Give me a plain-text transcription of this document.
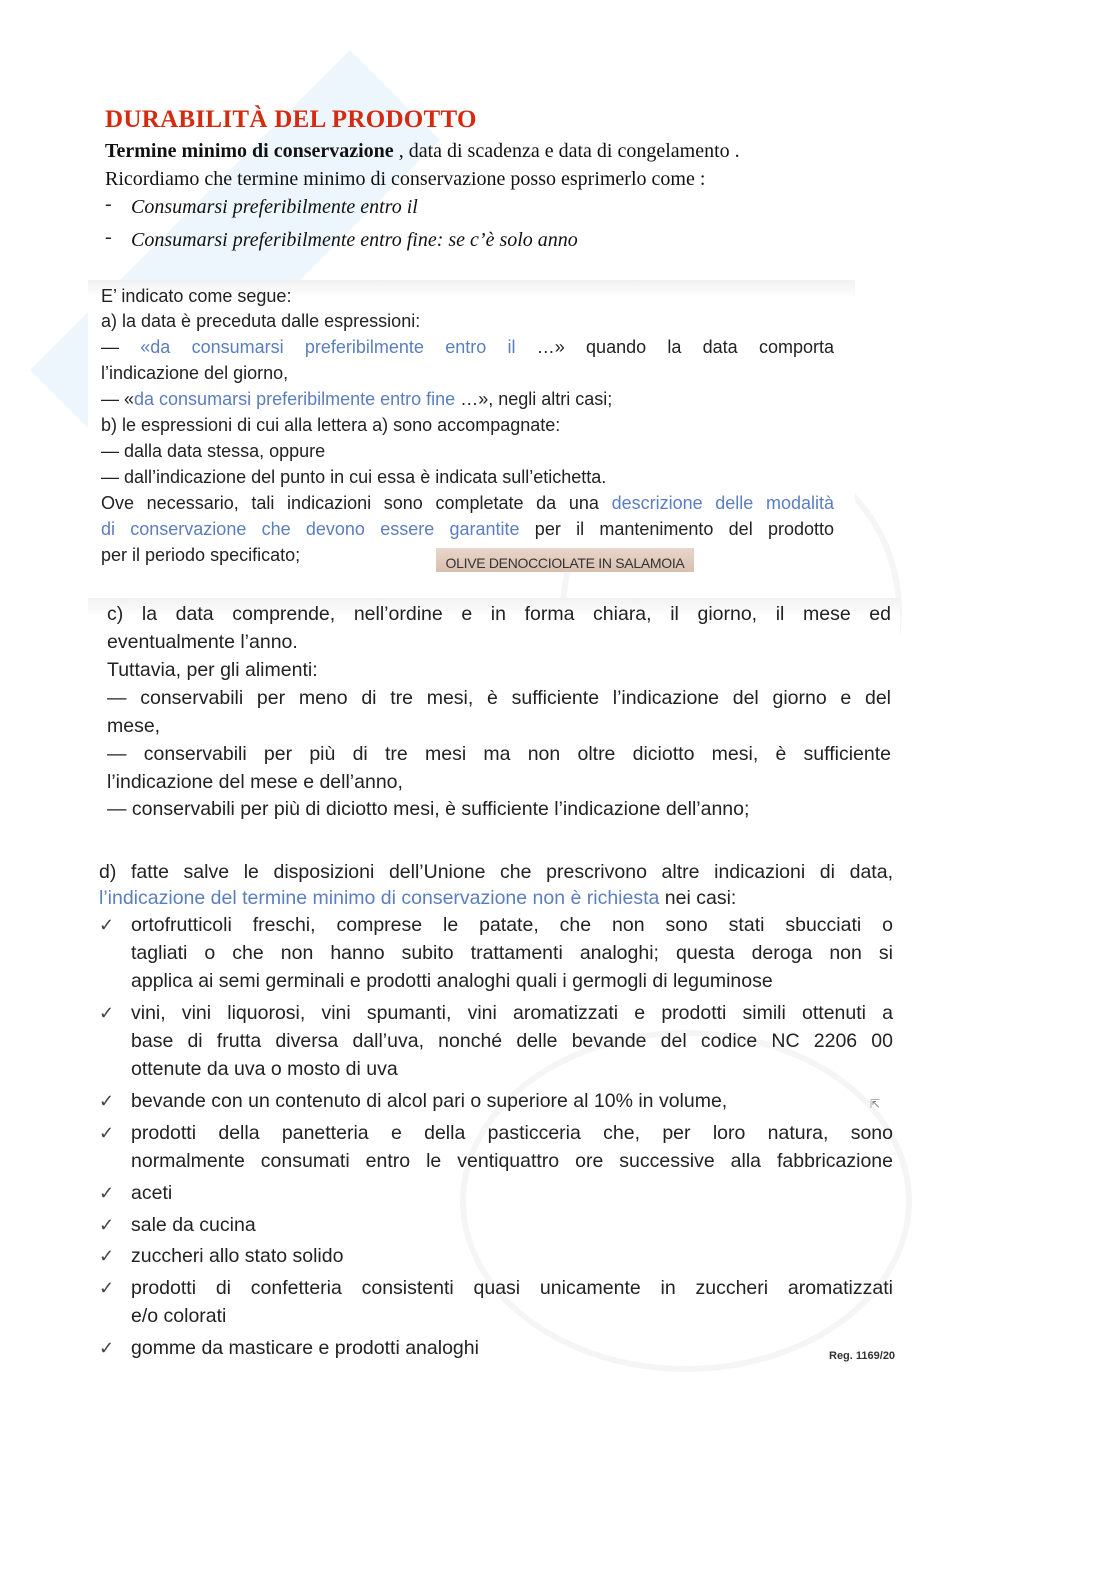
DURABILITÀ DEL PRODOTTO
Termine minimo di conservazione , data di scadenza e data di congelamento .
Ricordiamo che termine minimo di conservazione posso esprimerlo come :
- Consumarsi preferibilmente entro il
- Consumarsi preferibilmente entro fine: se c’è solo anno
OLIVE DENOCCIOLATE IN SALAMOIA
Reg. 1169/20
⇱
E’ indicato come segue:
a) la data è preceduta dalle espressioni:
— «da consumarsi preferibilmente entro il …» quando la data comporta
l’indicazione del giorno,
— «da consumarsi preferibilmente entro fine …», negli altri casi;
b) le espressioni di cui alla lettera a) sono accompagnate:
— dalla data stessa, oppure
— dall’indicazione del punto in cui essa è indicata sull’etichetta.
Ove necessario, tali indicazioni sono completate da una descrizione delle modalità
di conservazione che devono essere garantite per il mantenimento del prodotto
per il periodo specificato;
c) la data comprende, nell’ordine e in forma chiara, il giorno, il mese ed
eventualmente l’anno.
Tuttavia, per gli alimenti:
— conservabili per meno di tre mesi, è sufficiente l’indicazione del giorno e del
mese,
— conservabili per più di tre mesi ma non oltre diciotto mesi, è sufficiente
l’indicazione del mese e dell’anno,
— conservabili per più di diciotto mesi, è sufficiente l’indicazione dell’anno;
d) fatte salve le disposizioni dell’Unione che prescrivono altre indicazioni di data,
l’indicazione del termine minimo di conservazione non è richiesta nei casi:
ortofrutticoli freschi, comprese le patate, che non sono stati sbucciati o
✓
tagliati o che non hanno subito trattamenti analoghi; questa deroga non si
applica ai semi germinali e prodotti analoghi quali i germogli di leguminose
vini, vini liquorosi, vini spumanti, vini aromatizzati e prodotti simili ottenuti a
✓
base di frutta diversa dall’uva, nonché delle bevande del codice NC 2206 00
ottenute da uva o mosto di uva
bevande con un contenuto di alcol pari o superiore al 10% in volume,
✓
prodotti della panetteria e della pasticceria che, per loro natura, sono
✓
normalmente consumati entro le ventiquattro ore successive alla fabbricazione
aceti
✓
sale da cucina
✓
zuccheri allo stato solido
✓
prodotti di confetteria consistenti quasi unicamente in zuccheri aromatizzati
✓
e/o colorati
gomme da masticare e prodotti analoghi
✓
